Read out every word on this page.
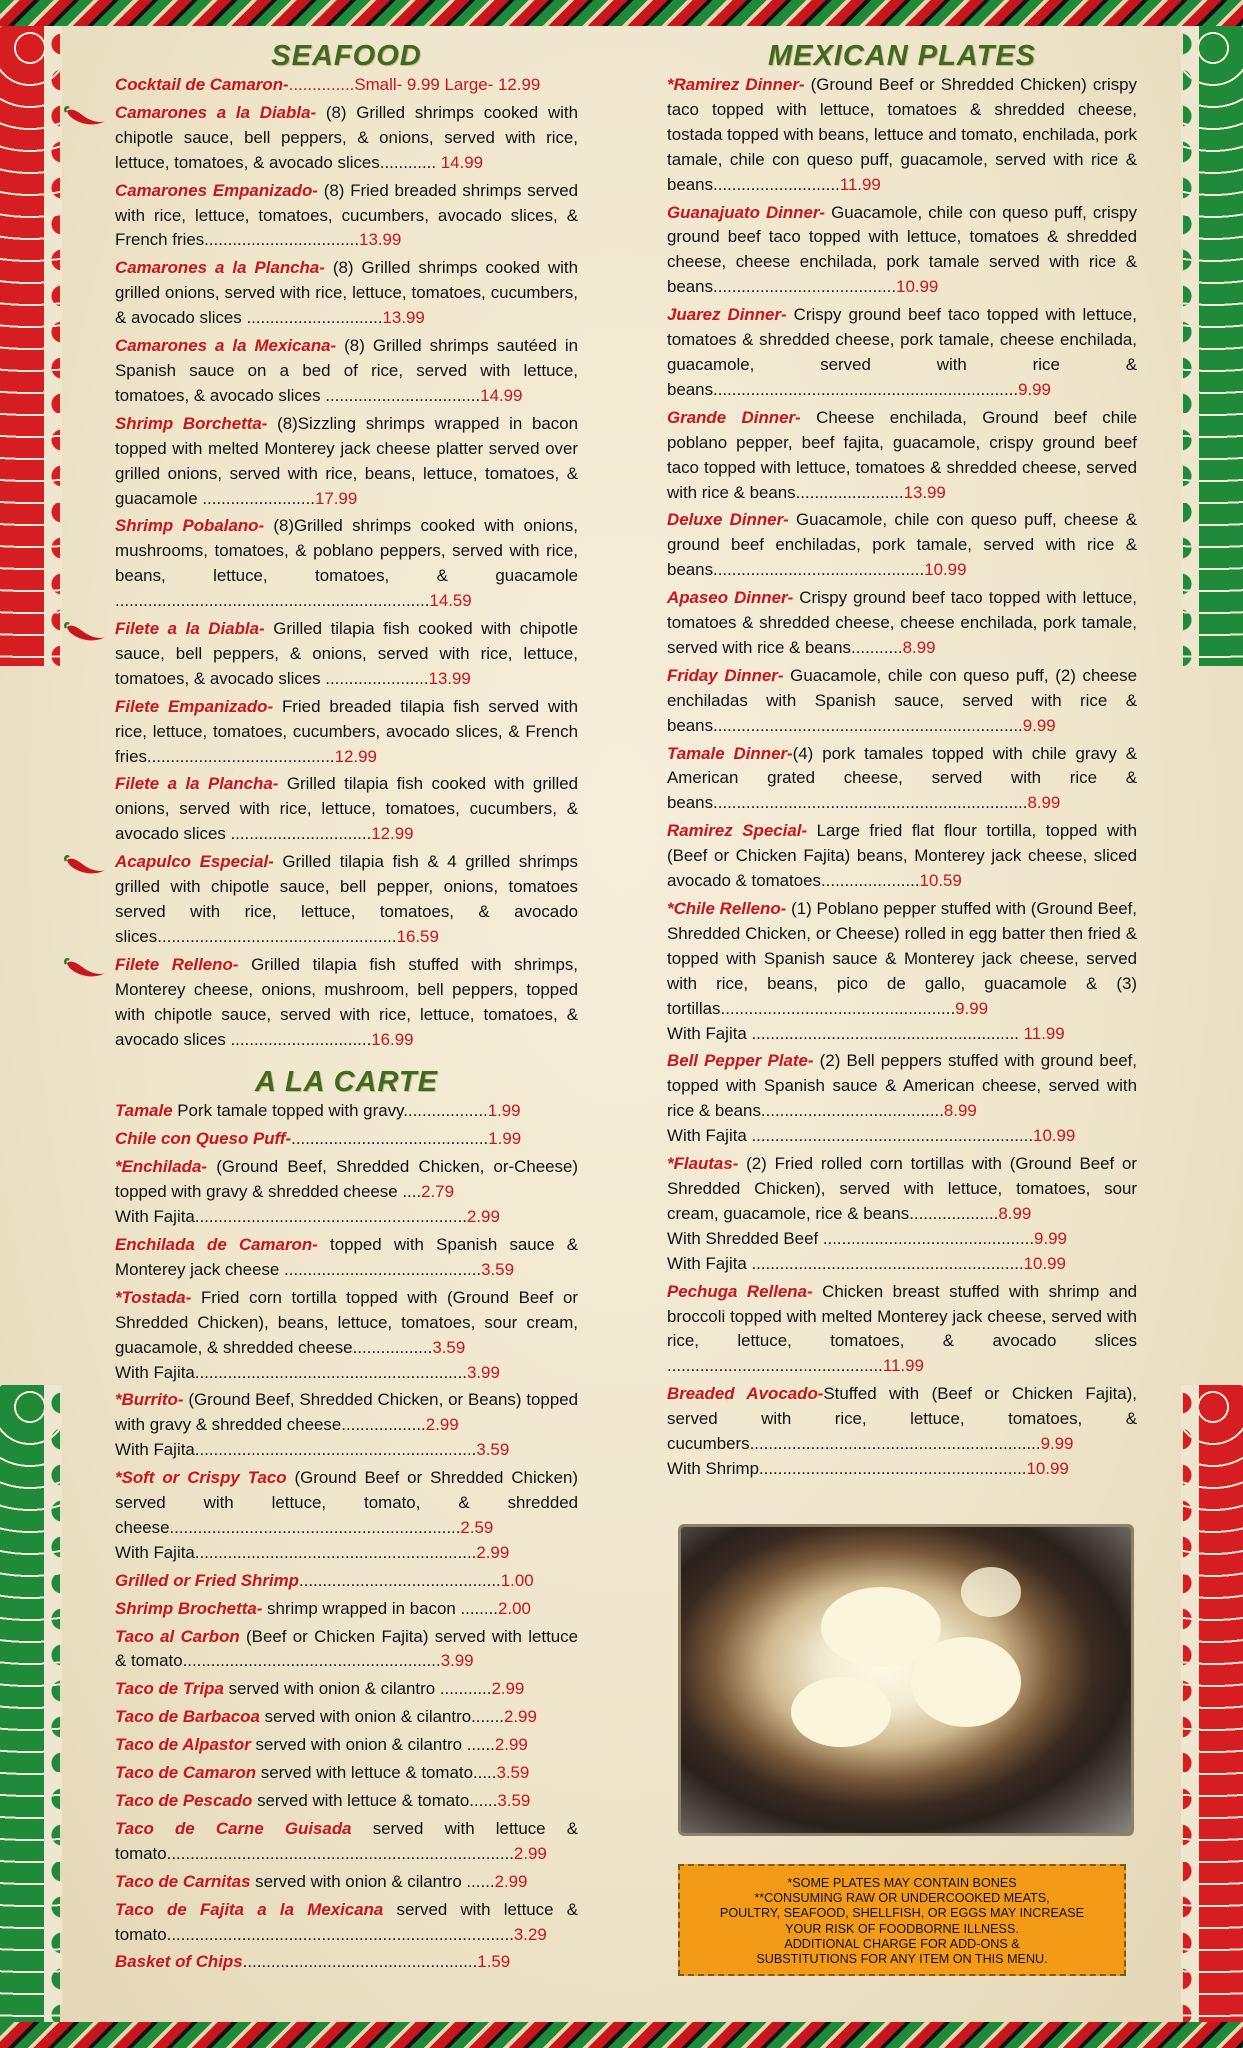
SEAFOOD

Cocktail de Camaron-..............Small- 9.99 Large- 12.99

Camarones a la Diabla- (8) Grilled shrimps cooked with chipotle sauce, bell peppers, & onions, served with rice, lettuce, tomatoes, & avocado slices............ 14.99

Camarones Empanizado- (8) Fried breaded shrimps served with rice, lettuce, tomatoes, cucumbers, avocado slices, & French fries.................................13.99

Camarones a la Plancha- (8) Grilled shrimps cooked with grilled onions, served with rice, lettuce, tomatoes, cucumbers, & avocado slices .............................13.99

Camarones a la Mexicana- (8) Grilled shrimps sautéed in Spanish sauce on a bed of rice, served with lettuce, tomatoes, & avocado slices .................................14.99

Shrimp Borchetta- (8)Sizzling shrimps wrapped in bacon topped with melted Monterey jack cheese platter served over grilled onions, served with rice, beans, lettuce, tomatoes, & guacamole ........................17.99

Shrimp Pobalano- (8)Grilled shrimps cooked with onions, mushrooms, tomatoes, & poblano peppers, served with rice, beans, lettuce, tomatoes, & guacamole ...................................................................14.59

Filete a la Diabla- Grilled tilapia fish cooked with chipotle sauce, bell peppers, & onions, served with rice, lettuce, tomatoes, & avocado slices ......................13.99

Filete Empanizado- Fried breaded tilapia fish served with rice, lettuce, tomatoes, cucumbers, avocado slices, & French fries........................................12.99

Filete a la Plancha- Grilled tilapia fish cooked with grilled onions, served with rice, lettuce, tomatoes, cucumbers, & avocado slices ..............................12.99

Acapulco Especial- Grilled tilapia fish & 4 grilled shrimps grilled with chipotle sauce, bell pepper, onions, tomatoes served with rice, lettuce, tomatoes, & avocado slices...................................................16.59

Filete Relleno- Grilled tilapia fish stuffed with shrimps, Monterey cheese, onions, mushroom, bell peppers, topped with chipotle sauce, served with rice, lettuce, tomatoes, & avocado slices ..............................16.99

A LA CARTE

Tamale Pork tamale topped with gravy..................1.99

Chile con Queso Puff-..........................................1.99

*Enchilada- (Ground Beef, Shredded Chicken, or-Cheese) topped with gravy & shredded cheese ....2.79
With Fajita..........................................................2.99

Enchilada de Camaron- topped with Spanish sauce & Monterey jack cheese ..........................................3.59

*Tostada- Fried corn tortilla topped with (Ground Beef or Shredded Chicken), beans, lettuce, tomatoes, sour cream, guacamole, & shredded cheese.................3.59
With Fajita..........................................................3.99

*Burrito- (Ground Beef, Shredded Chicken, or Beans) topped with gravy & shredded cheese..................2.99
With Fajita............................................................3.59

*Soft or Crispy Taco (Ground Beef or Shredded Chicken) served with lettuce, tomato, & shredded cheese..............................................................2.59
With Fajita............................................................2.99

Grilled or Fried Shrimp...........................................1.00

Shrimp Brochetta- shrimp wrapped in bacon ........2.00

Taco al Carbon (Beef or Chicken Fajita) served with lettuce & tomato.......................................................3.99

Taco de Tripa served with onion & cilantro ...........2.99

Taco de Barbacoa served with onion & cilantro.......2.99

Taco de Alpastor served with onion & cilantro ......2.99

Taco de Camaron served with lettuce & tomato.....3.59

Taco de Pescado served with lettuce & tomato......3.59

Taco de Carne Guisada served with lettuce & tomato..........................................................................2.99

Taco de Carnitas served with onion & cilantro ......2.99

Taco de Fajita a la Mexicana served with lettuce & tomato..........................................................................3.29

Basket of Chips..................................................1.59

MEXICAN PLATES

*Ramirez Dinner- (Ground Beef or Shredded Chicken) crispy taco topped with lettuce, tomatoes & shredded cheese, tostada topped with beans, lettuce and tomato, enchilada, pork tamale, chile con queso puff, guacamole, served with rice & beans...........................11.99

Guanajuato Dinner- Guacamole, chile con queso puff, crispy ground beef taco topped with lettuce, tomatoes & shredded cheese, cheese enchilada, pork tamale served with rice & beans.......................................10.99

Juarez Dinner- Crispy ground beef taco topped with lettuce, tomatoes & shredded cheese, pork tamale, cheese enchilada, guacamole, served with rice & beans.................................................................9.99

Grande Dinner- Cheese enchilada, Ground beef chile poblano pepper, beef fajita, guacamole, crispy ground beef taco topped with lettuce, tomatoes & shredded cheese, served with rice & beans.......................13.99

Deluxe Dinner- Guacamole, chile con queso puff, cheese & ground beef enchiladas, pork tamale, served with rice & beans.............................................10.99

Apaseo Dinner- Crispy ground beef taco topped with lettuce, tomatoes & shredded cheese, cheese enchilada, pork tamale, served with rice & beans...........8.99

Friday Dinner- Guacamole, chile con queso puff, (2) cheese enchiladas with Spanish sauce, served with rice & beans..................................................................9.99

Tamale Dinner-(4) pork tamales topped with chile gravy & American grated cheese, served with rice & beans...................................................................8.99

Ramirez Special- Large fried flat flour tortilla, topped with (Beef or Chicken Fajita) beans, Monterey jack cheese, sliced avocado & tomatoes.....................10.59

*Chile Relleno- (1) Poblano pepper stuffed with (Ground Beef, Shredded Chicken, or Cheese) rolled in egg batter then fried & topped with Spanish sauce & Monterey jack cheese, served with rice, beans, pico de gallo, guacamole & (3) tortillas..................................................9.99
With Fajita ......................................................... 11.99

Bell Pepper Plate- (2) Bell peppers stuffed with ground beef, topped with Spanish sauce & American cheese, served with rice & beans.......................................8.99
With Fajita ............................................................10.99

*Flautas- (2) Fried rolled corn tortillas with (Ground Beef or Shredded Chicken), served with lettuce, tomatoes, sour cream, guacamole, rice & beans...................8.99
With Shredded Beef .............................................9.99
With Fajita ..........................................................10.99

Pechuga Rellena- Chicken breast stuffed with shrimp and broccoli topped with melted Monterey jack cheese, served with rice, lettuce, tomatoes, & avocado slices ..............................................11.99

Breaded Avocado-Stuffed with (Beef or Chicken Fajita), served with rice, lettuce, tomatoes, & cucumbers..............................................................9.99
With Shrimp.........................................................10.99

*SOME PLATES MAY CONTAIN BONES
**CONSUMING RAW OR UNDERCOOKED MEATS,
POULTRY, SEAFOOD, SHELLFISH, OR EGGS MAY INCREASE
YOUR RISK OF FOODBORNE ILLNESS.
ADDITIONAL CHARGE FOR ADD-ONS &
SUBSTITUTIONS FOR ANY ITEM ON THIS MENU.
